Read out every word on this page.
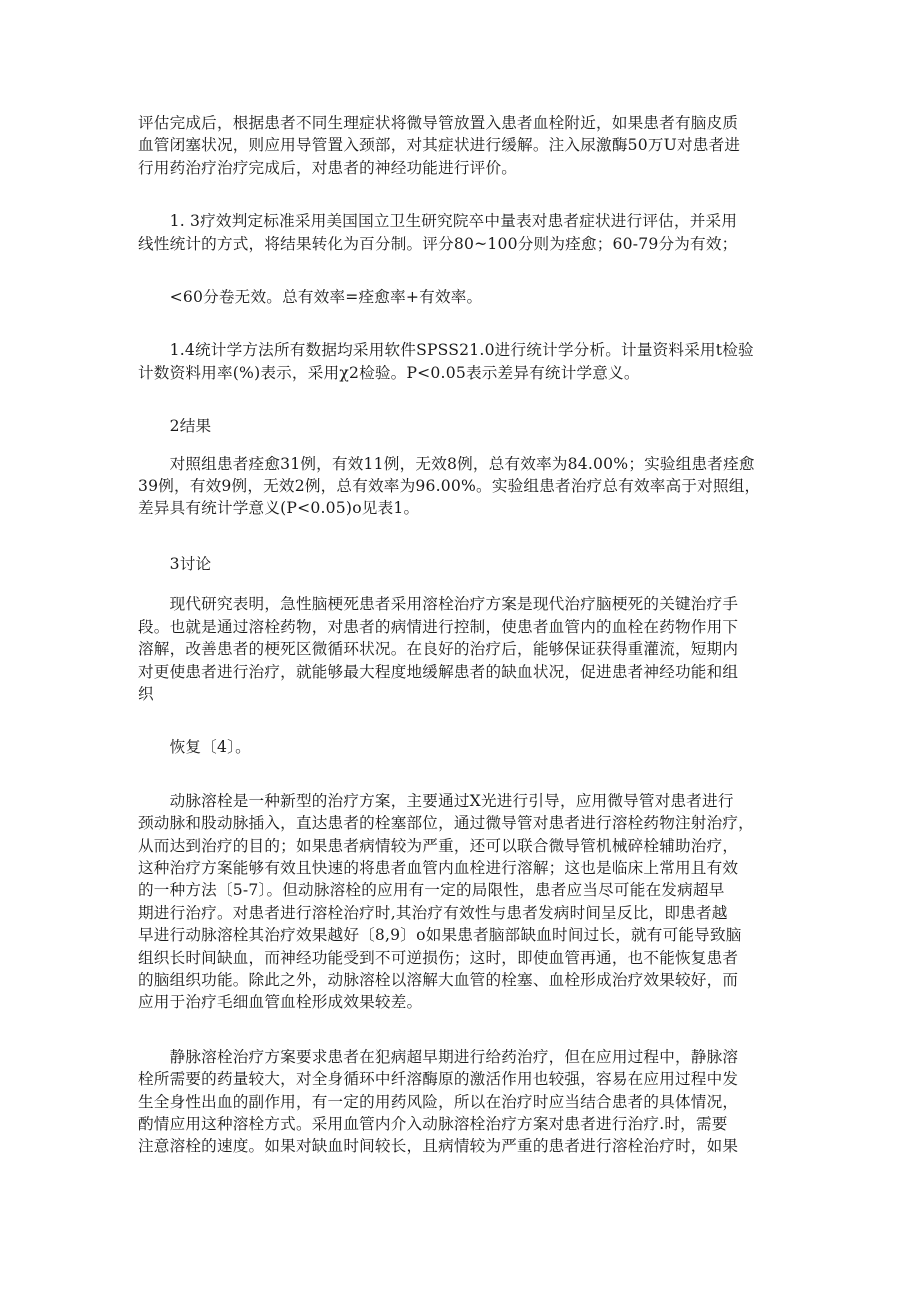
评估完成后，根据患者不同生理症状将微导管放置入患者血栓附近，如果患者有脑皮质
血管闭塞状况，则应用导管置入颈部，对其症状进行缓解。注入尿激酶50万U对患者进
行用药治疗治疗完成后，对患者的神经功能进行评价。

　　1. 3疗效判定标准采用美国国立卫生研究院卒中量表对患者症状进行评估，并采用
线性统计的方式，将结果转化为百分制。评分80~100分则为痊愈；60-79分为有效；

　　<60分卷无效。总有效率=痊愈率+有效率。

　　1.4统计学方法所有数据均采用软件SPSS21.0进行统计学分析。计量资料采用t检验
计数资料用率(%)表示，采用χ2检验。P<0.05表示差异有统计学意义。

　　2结果

　　对照组患者痊愈31例，有效11例，无效8例，总有效率为84.00%；实验组患者痊愈
39例，有效9例，无效2例，总有效率为96.00%。实验组患者治疗总有效率高于对照组，
差异具有统计学意义(P<0.05)o见表1。

　　3讨论

　　现代研究表明，急性脑梗死患者采用溶栓治疗方案是现代治疗脑梗死的关键治疗手
段。也就是通过溶栓药物，对患者的病情进行控制，使患者血管内的血栓在药物作用下
溶解，改善患者的梗死区微循环状况。在良好的治疗后，能够保证获得重灌流，短期内
对更使患者进行治疗，就能够最大程度地缓解患者的缺血状况，促进患者神经功能和组
织

　　恢复〔4〕。

　　动脉溶栓是一种新型的治疗方案，主要通过X光进行引导，应用微导管对患者进行
颈动脉和股动脉插入，直达患者的栓塞部位，通过微导管对患者进行溶栓药物注射治疗，
从而达到治疗的目的；如果患者病情较为严重，还可以联合微导管机械碎栓辅助治疗，
这种治疗方案能够有效且快速的将患者血管内血栓进行溶解；这也是临床上常用且有效
的一种方法〔5-7〕。但动脉溶栓的应用有一定的局限性，患者应当尽可能在发病超早
期进行治疗。对患者进行溶栓治疗时,其治疗有效性与患者发病时间呈反比，即患者越
早进行动脉溶栓其治疗效果越好〔8,9〕o如果患者脑部缺血时间过长，就有可能导致脑
组织长时间缺血，而神经功能受到不可逆损伤；这时，即使血管再通，也不能恢复患者
的脑组织功能。除此之外，动脉溶栓以溶解大血管的栓塞、血栓形成治疗效果较好，而
应用于治疗毛细血管血栓形成效果较差。

　　静脉溶栓治疗方案要求患者在犯病超早期进行给药治疗，但在应用过程中，静脉溶
栓所需要的药量较大，对全身循环中纤溶酶原的激活作用也较强，容易在应用过程中发
生全身性出血的副作用，有一定的用药风险，所以在治疗时应当结合患者的具体情况，
酌情应用这种溶栓方式。采用血管内介入动脉溶栓治疗方案对患者进行治疗.时，需要
注意溶栓的速度。如果对缺血时间较长，且病情较为严重的患者进行溶栓治疗时，如果
